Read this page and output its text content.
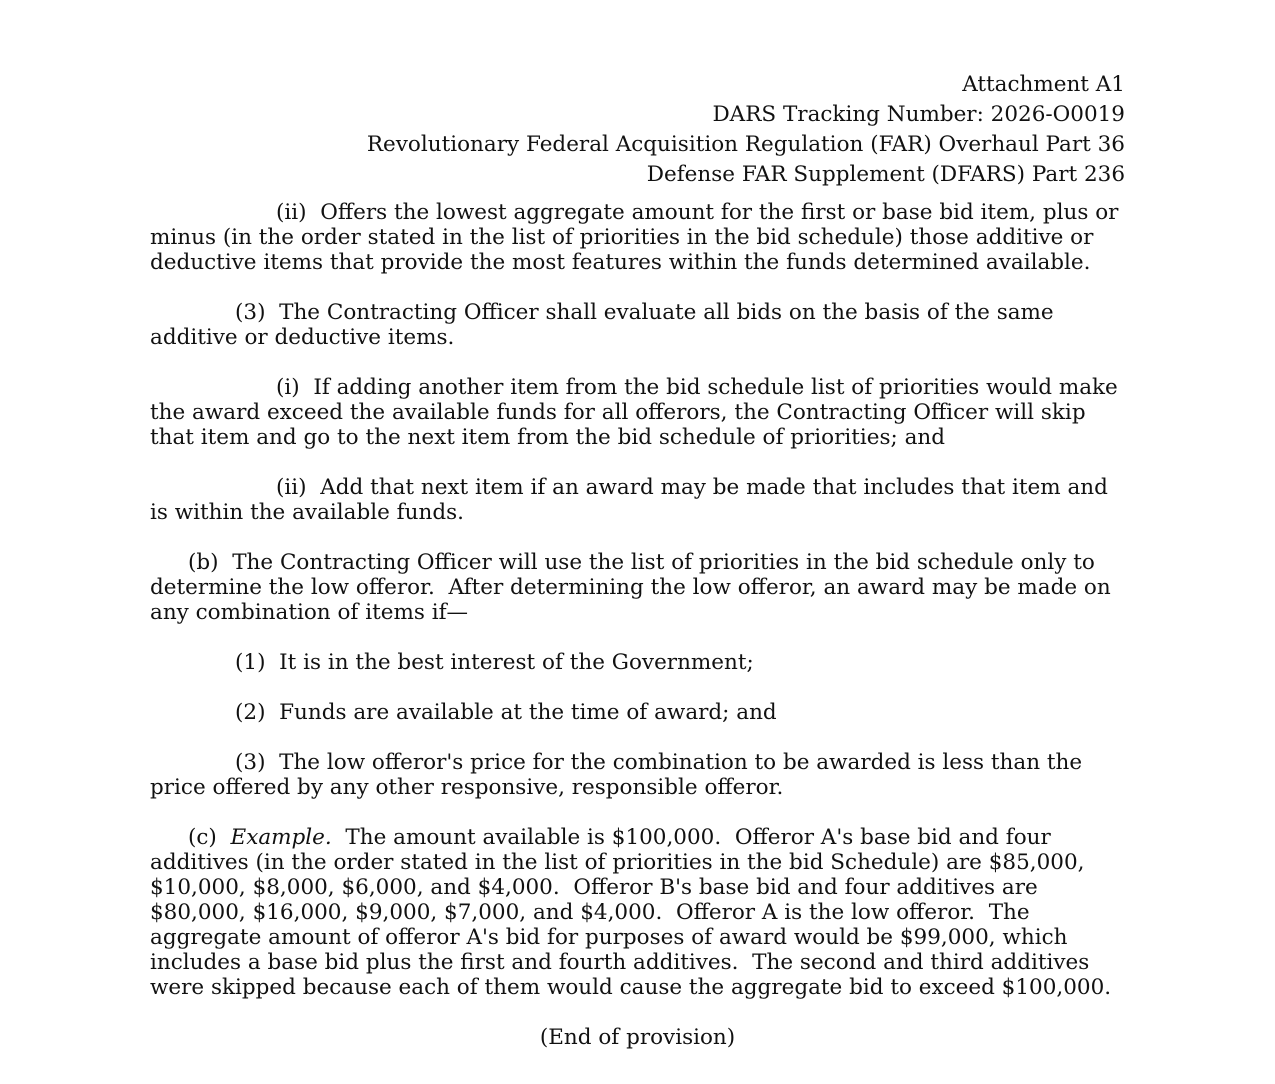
Attachment A1
DARS Tracking Number: 2026-O0019
Revolutionary Federal Acquisition Regulation (FAR) Overhaul Part 36
Defense FAR Supplement (DFARS) Part 236

(ii)  Offers the lowest aggregate amount for the first or base bid item, plus or minus (in the order stated in the list of priorities in the bid schedule) those additive or deductive items that provide the most features within the funds determined available.

(3)  The Contracting Officer shall evaluate all bids on the basis of the same additive or deductive items.

(i)  If adding another item from the bid schedule list of priorities would make the award exceed the available funds for all offerors, the Contracting Officer will skip that item and go to the next item from the bid schedule of priorities; and

(ii)  Add that next item if an award may be made that includes that item and is within the available funds.

(b)  The Contracting Officer will use the list of priorities in the bid schedule only to determine the low offeror.  After determining the low offeror, an award may be made on any combination of items if—

(1)  It is in the best interest of the Government;

(2)  Funds are available at the time of award; and

(3)  The low offeror's price for the combination to be awarded is less than the price offered by any other responsive, responsible offeror.

(c)  Example.  The amount available is $100,000.  Offeror A's base bid and four additives (in the order stated in the list of priorities in the bid Schedule) are $85,000, $10,000, $8,000, $6,000, and $4,000.  Offeror B's base bid and four additives are $80,000, $16,000, $9,000, $7,000, and $4,000.  Offeror A is the low offeror.  The aggregate amount of offeror A's bid for purposes of award would be $99,000, which includes a base bid plus the first and fourth additives.  The second and third additives were skipped because each of them would cause the aggregate bid to exceed $100,000.

(End of provision)
